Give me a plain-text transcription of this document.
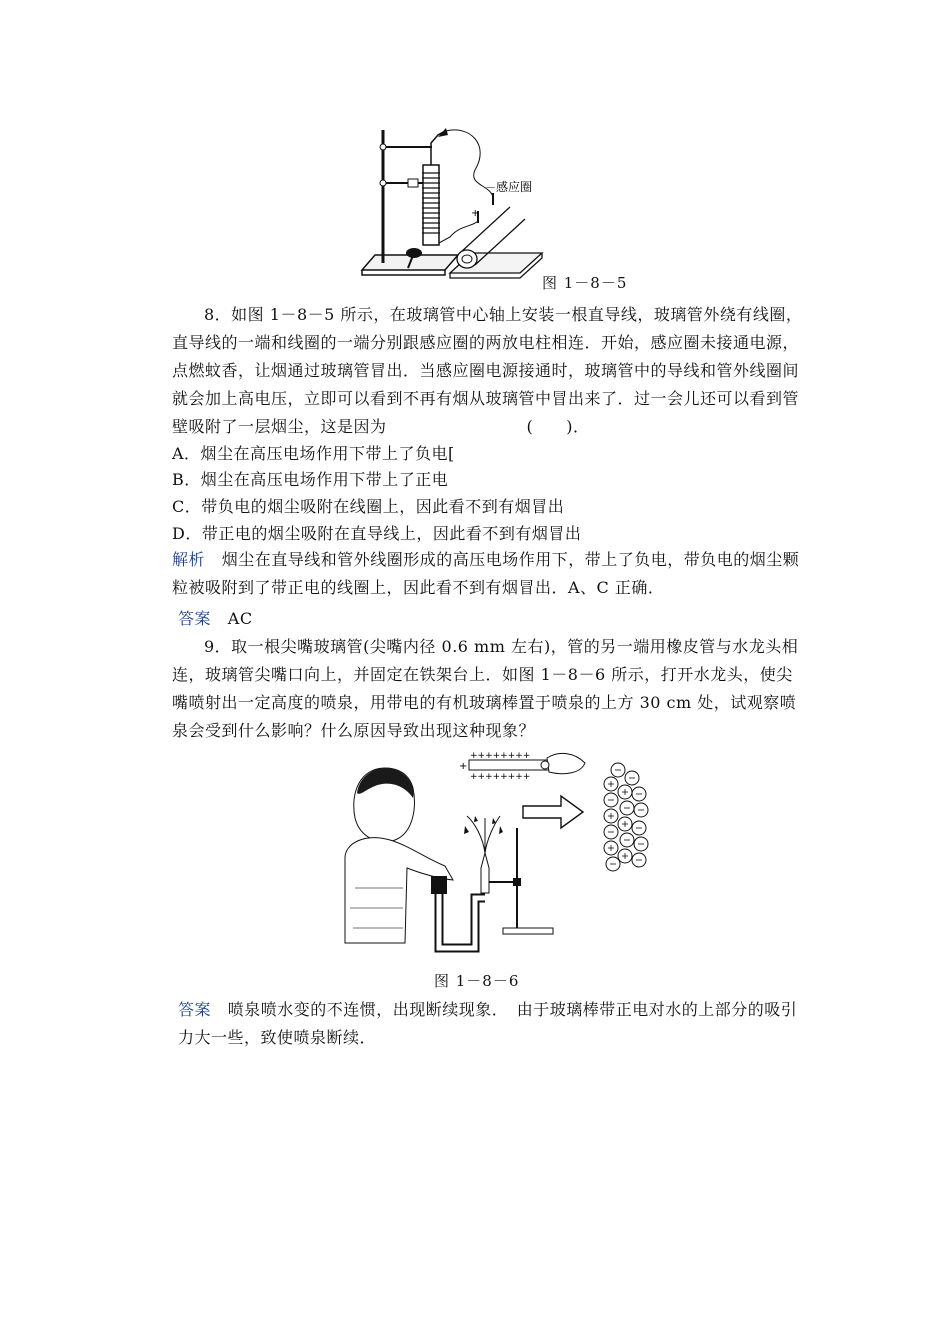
+
－ 感应圈
图 1－8－5
8．如图 1－8－5 所示，在玻璃管中心轴上安装一根直导线，玻璃管外绕有线圈，直导线的一端和线圈的一端分别跟感应圈的两放电柱相连．开始，感应圈未接通电源，点燃蚊香，让烟通过玻璃管冒出．当感应圈电源接通时，玻璃管中的导线和管外线圈间就会加上高电压，立即可以看到不再有烟从玻璃管中冒出来了．过一会儿还可以看到管壁吸附了一层烟尘，这是因为	(　　)．
A．烟尘在高压电场作用下带上了负电[
B．烟尘在高压电场作用下带上了正电
C．带负电的烟尘吸附在线圈上，因此看不到有烟冒出
D．带正电的烟尘吸附在直导线上，因此看不到有烟冒出
解析 烟尘在直导线和管外线圈形成的高压电场作用下，带上了负电，带负电的烟尘颗粒被吸附到了带正电的线圈上，因此看不到有烟冒出．A、C 正确．
答案 AC
9．取一根尖嘴玻璃管(尖嘴内径 0.6 mm 左右)，管的另一端用橡皮管与水龙头相连，玻璃管尖嘴口向上，并固定在铁架台上．如图 1－8－6 所示，打开水龙头，使尖嘴喷射出一定高度的喷泉，用带电的有机玻璃棒置于喷泉的上方 30 cm 处，试观察喷泉会受到什么影响？什么原因导致出现这种现象？
++++++++
++++++++
+
图 1－8－6
答案 喷泉喷水变的不连惯，出现断续现象．　由于玻璃棒带正电对水的上部分的吸引力大一些，致使喷泉断续．
